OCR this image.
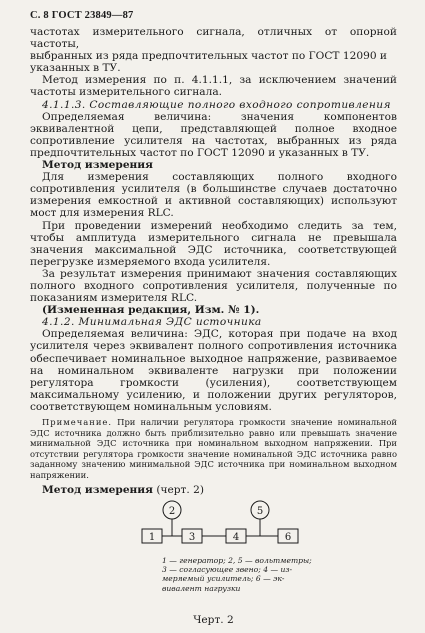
С. 8 ГОСТ 23849—87

частотах измерительного сигнала, отличных от опорной частоты,

выбранных из ряда предпочтительных частот по ГОСТ 12090 и

указанных в ТУ.

Метод измерения по п. 4.1.1.1, за исключением значений частоты измерительного сигнала.

4.1.1.3. Составляющие полного входного сопротивления

Определяемая величина: значения компонентов эквивалентной цепи, представляющей полное входное сопротивление усилителя на частотах, выбранных из ряда предпочтительных частот по ГОСТ 12090 и указанных в ТУ.

Метод измерения

Для измерения составляющих полного входного сопротивления усилителя (в большинстве случаев достаточно измерения емкостной и активной составляющих) используют мост для измерения RLC.

При проведении измерений необходимо следить за тем, чтобы амплитуда измерительного сигнала не превышала значения максимальной ЭДС источника, соответствующей перегрузке измеряемого входа усилителя.

За результат измерения принимают значения составляющих полного входного сопротивления усилителя, полученные по показаниям измерителя RLC.

(Измененная редакция, Изм. № 1).

4.1.2. Минимальная ЭДС источника

Определяемая величина: ЭДС, которая при подаче на вход усилителя через эквивалент полного сопротивления источника обеспечивает номинальное выходное напряжение, развиваемое на номинальном эквиваленте нагрузки при положении регулятора громкости (усиления), соответствующем максимальному усилению, и положении других регуляторов, соответствующем номинальным условиям.

Примечание. При наличии регулятора громкости значение номинальной ЭДС источника должно быть приблизительно равно или превышать значение минимальной ЭДС источника при номинальном выходном напряжении. При отсутствии регулятора громкости значение номинальной ЭДС источника равно заданному значению минимальной ЭДС источника при номинальном выходном напряжении.

Метод измерения (черт. 2)

1	3	4	6
2	5
1 — генератор; 2, 5 — вольтметры;
3 — согласующее звено; 4 — из-
меряемый усилитель; 6 — эк-
вивалент нагрузки
Черт. 2
